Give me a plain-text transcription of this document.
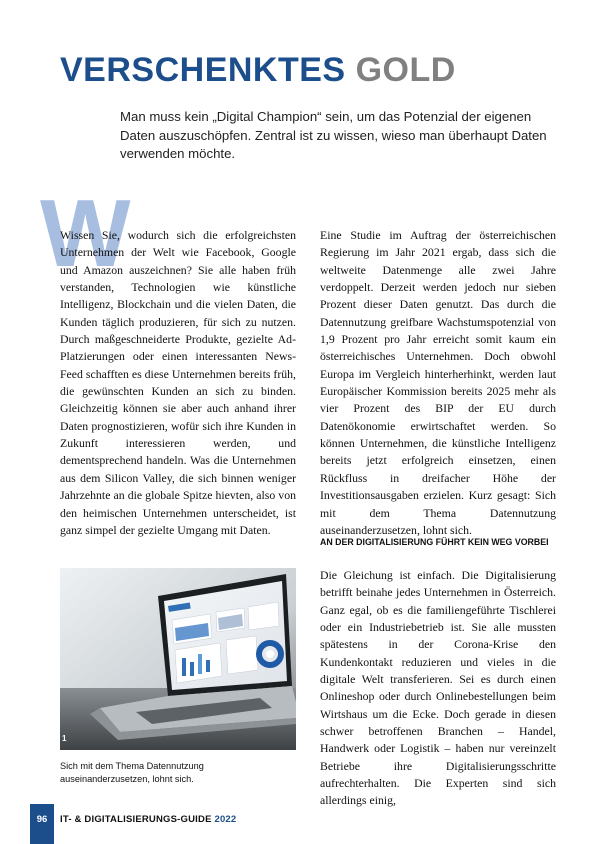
VERSCHENKTES GOLD

Man muss kein „Digital Champion“ sein, um das Potenzial der eigenen Daten auszuschöpfen. Zentral ist zu wissen, wieso man überhaupt Daten verwenden möchte.

W

Wissen Sie, wodurch sich die erfolgreichsten Unternehmen der Welt wie Facebook, Google und Amazon auszeichnen? Sie alle haben früh verstanden, Technologien wie künstliche Intelligenz, Blockchain und die vielen Daten, die Kunden täglich produzieren, für sich zu nutzen. Durch maßgeschneiderte Produkte, gezielte Ad-Platzierungen oder einen interessanten News-Feed schafften es diese Unternehmen bereits früh, die gewünschten Kunden an sich zu binden. Gleichzeitig können sie aber auch anhand ihrer Daten prognostizieren, wofür sich ihre Kunden in Zukunft interessieren werden, und dementsprechend handeln. Was die Unternehmen aus dem Silicon Valley, die sich binnen weniger Jahrzehnte an die globale Spitze hievten, also von den heimischen Unternehmen unterscheidet, ist ganz simpel der gezielte Umgang mit Daten.

Eine Studie im Auftrag der österreichischen Regierung im Jahr 2021 ergab, dass sich die weltweite Datenmenge alle zwei Jahre verdoppelt. Derzeit werden jedoch nur sieben Prozent dieser Daten genutzt. Das durch die Datennutzung greifbare Wachstumspotenzial von 1,9 Prozent pro Jahr erreicht somit kaum ein österreichisches Unternehmen. Doch obwohl Europa im Vergleich hinterherhinkt, werden laut Europäischer Kommission bereits 2025 mehr als vier Prozent des BIP der EU durch Datenökonomie erwirtschaftet werden. So können Unternehmen, die künstliche Intelligenz bereits jetzt erfolgreich einsetzen, einen Rückfluss in dreifacher Höhe der Investitionsausgaben erzielen. Kurz gesagt: Sich mit dem Thema Datennutzung auseinanderzusetzen, lohnt sich.

AN DER DIGITALISIERUNG FÜHRT KEIN WEG VORBEI

Die Gleichung ist einfach. Die Digitalisierung betrifft beinahe jedes Unternehmen in Österreich. Ganz egal, ob es die familiengeführte Tischlerei oder ein Industriebetrieb ist. Sie alle mussten spätestens in der Corona-Krise den Kundenkontakt reduzieren und vieles in die digitale Welt transferieren. Sei es durch einen Onlineshop oder durch Onlinebestellungen beim Wirtshaus um die Ecke. Doch gerade in diesen schwer betroffenen Branchen – Handel, Handwerk oder Logistik – haben nur vereinzelt Betriebe ihre Digitalisierungsschritte aufrechterhalten. Die Experten sind sich allerdings einig,

1

Sich mit dem Thema Datennutzung auseinanderzusetzen, lohnt sich.

96	IT- & DIGITALISIERUNGS-GUIDE 2022
